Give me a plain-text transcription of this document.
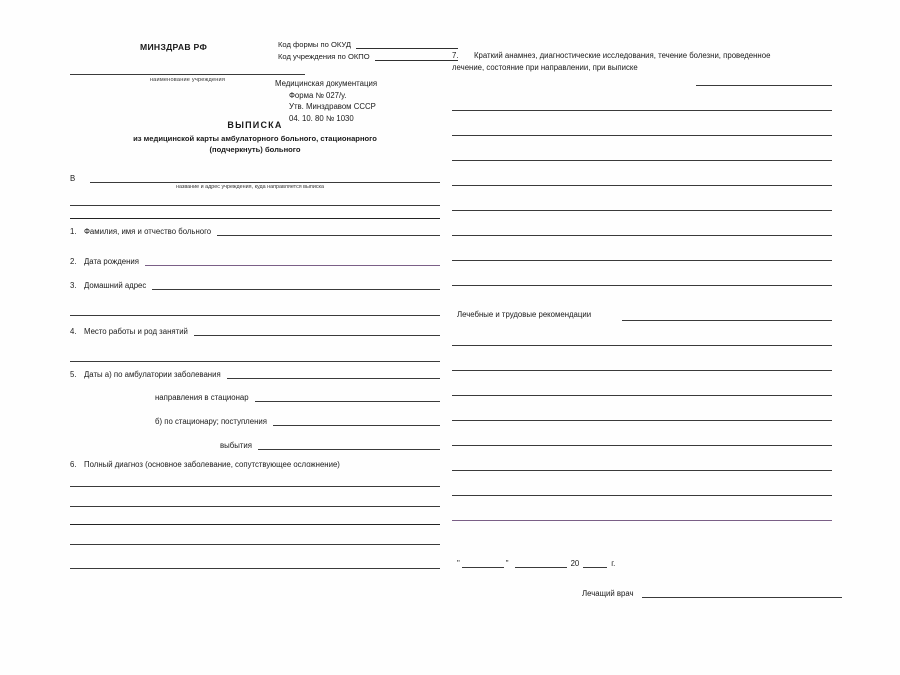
МИНЗДРАВ РФ
наименование учреждения
Код формы по ОКУД
Код учреждения по ОКПО
Медицинская документация
Форма № 027/у.
Утв. Минздравом СССР
04. 10. 80 № 1030
ВЫПИСКА
из медицинской карты амбулаторного больного, стационарного
(подчеркнуть) больного
В
название и адрес учреждения, куда направляется выписка
1. Фамилия, имя и отчество больного
2. Дата рождения
3. Домашний адрес
4. Место работы и род занятий
5. Даты а) по амбулатории заболевания
направления в стационар
б) по стационару; поступления
выбытия
6. Полный диагноз (основное заболевание, сопутствующее осложнение)
7.	Краткий анамнез, диагностические исследования, течение болезни, проведенное
лечение, состояние при направлении, при выписке
Лечебные и трудовые рекомендации
"	"	20	г.
Лечащий врач
